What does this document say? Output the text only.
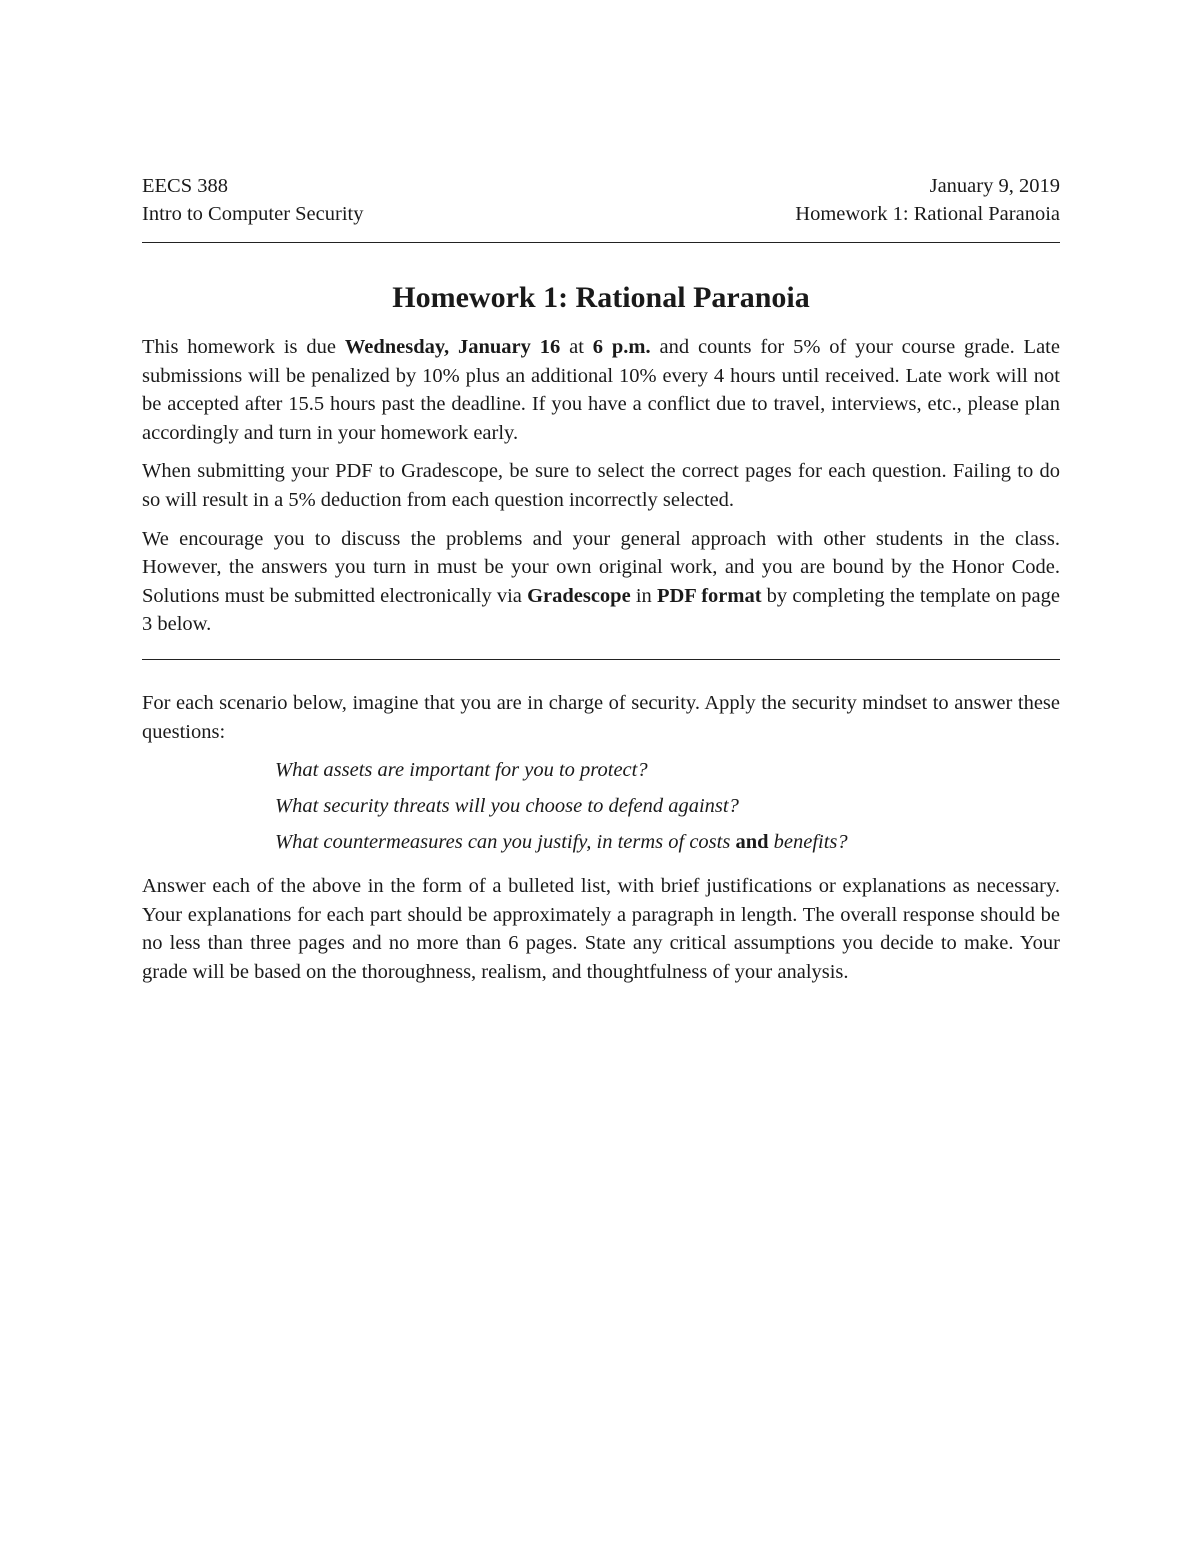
EECS 388	January 9, 2019
Intro to Computer Security	Homework 1: Rational Paranoia
Homework 1: Rational Paranoia

This homework is due Wednesday, January 16 at 6 p.m. and counts for 5% of your course grade. Late submissions will be penalized by 10% plus an additional 10% every 4 hours until received. Late work will not be accepted after 15.5 hours past the deadline. If you have a conflict due to travel, interviews, etc., please plan accordingly and turn in your homework early.

When submitting your PDF to Gradescope, be sure to select the correct pages for each question. Failing to do so will result in a 5% deduction from each question incorrectly selected.

We encourage you to discuss the problems and your general approach with other students in the class. However, the answers you turn in must be your own original work, and you are bound by the Honor Code. Solutions must be submitted electronically via Gradescope in PDF format by completing the template on page 3 below.

For each scenario below, imagine that you are in charge of security. Apply the security mindset to answer these questions:

What assets are important for you to protect?
What security threats will you choose to defend against?
What countermeasures can you justify, in terms of costs and benefits?

Answer each of the above in the form of a bulleted list, with brief justifications or explanations as necessary. Your explanations for each part should be approximately a paragraph in length. The overall response should be no less than three pages and no more than 6 pages. State any critical assumptions you decide to make. Your grade will be based on the thoroughness, realism, and thoughtfulness of your analysis.
